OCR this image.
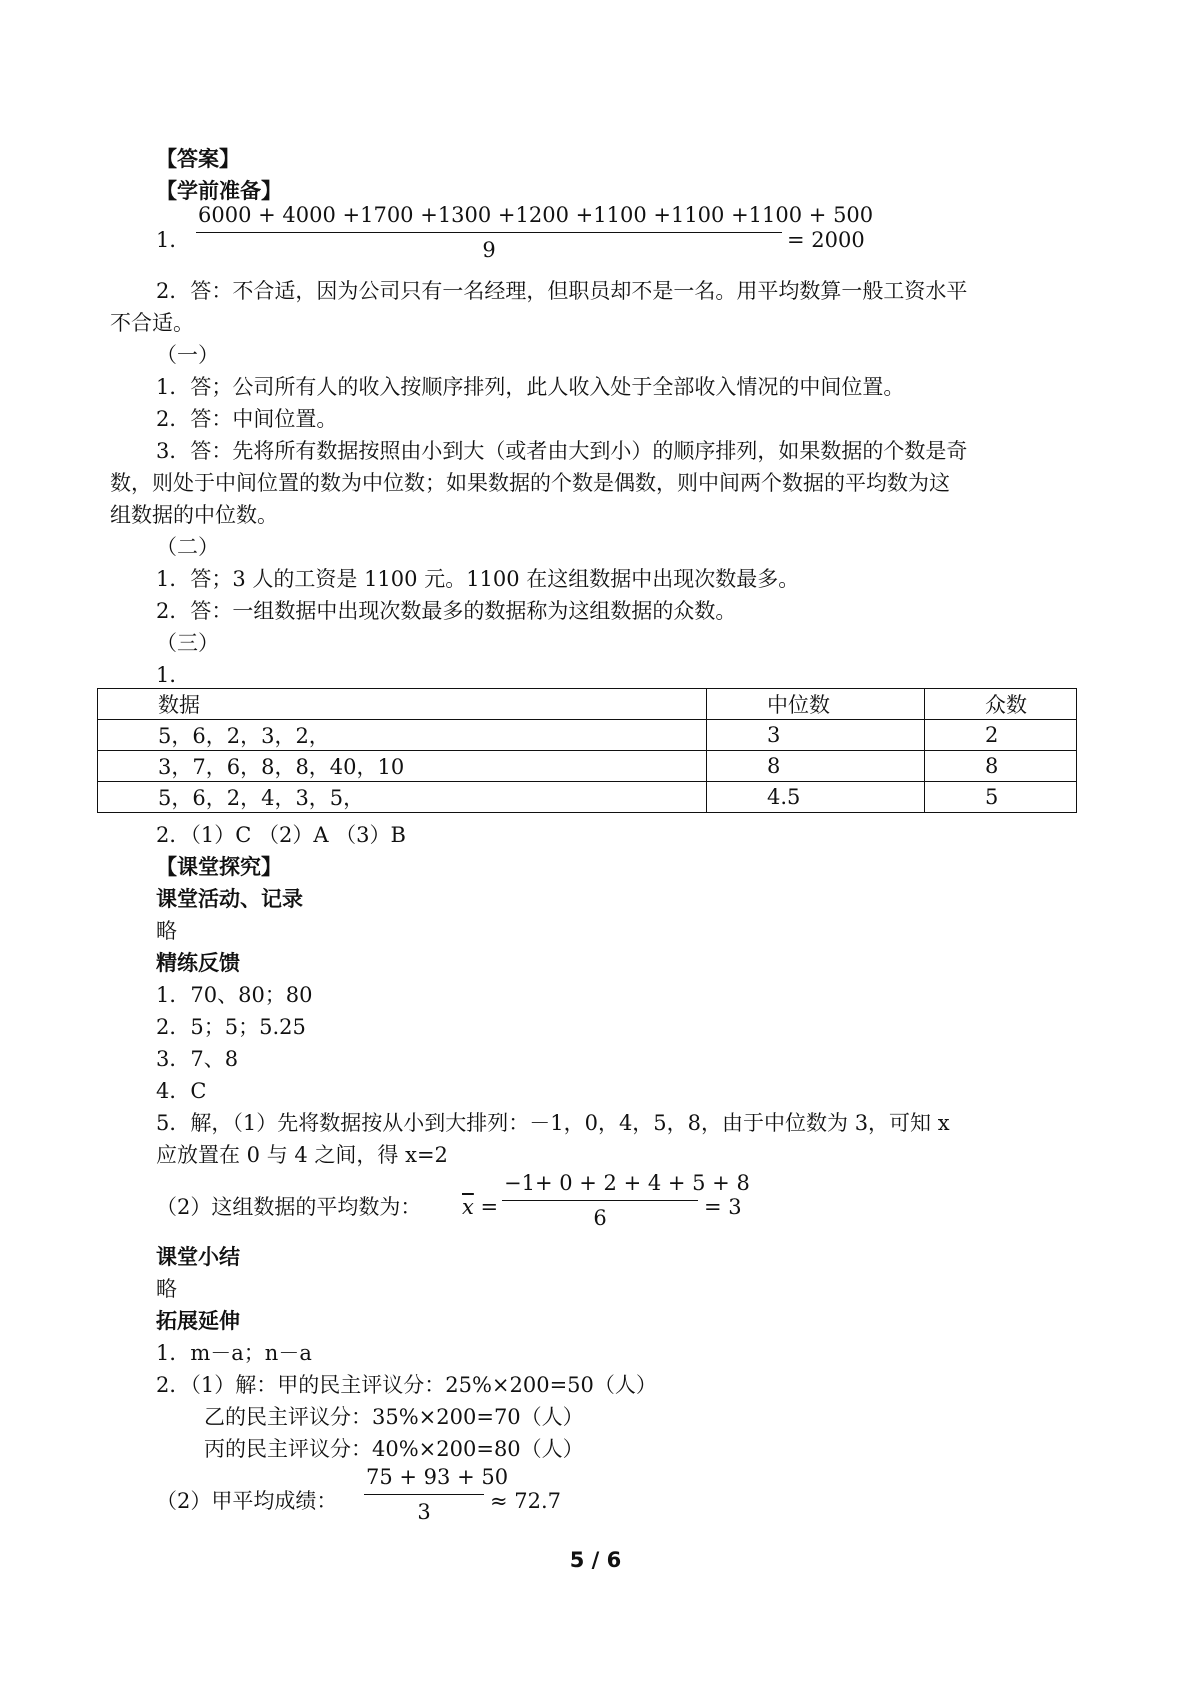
【答案】
【学前准备】
1．
6000 + 4000 +1700 +1300 +1200 +1100 +1100 +1100 + 500
9	= 2000
2．答：不合适，因为公司只有一名经理，但职员却不是一名。用平均数算一般工资水平
不合适。
（一）
1．答；公司所有人的收入按顺序排列，此人收入处于全部收入情况的中间位置。
2．答：中间位置。
3．答：先将所有数据按照由小到大（或者由大到小）的顺序排列，如果数据的个数是奇
数，则处于中间位置的数为中位数；如果数据的个数是偶数，则中间两个数据的平均数为这
组数据的中位数。
（二）
1．答；3 人的工资是 1100 元。1100 在这组数据中出现次数最多。
2．答：一组数据中出现次数最多的数据称为这组数据的众数。
（三）
1．
数据	中位数	众数
5，6，2，3，2，	3	2
3，7，6，8，8，40，10	8	8
5，6，2，4，3，5，	4.5	5
2．（1）C （2）A （3）B
【课堂探究】
课堂活动、记录
略
精练反馈
1．70、80；80
2．5；5；5.25
3．7、8
4．C
5．解，（1）先将数据按从小到大排列：－1，0，4，5，8，由于中位数为 3，可知 x
应放置在 0 与 4 之间，得 x=2
（2）这组数据的平均数为： $\overline{x}$ =
−1+ 0 + 2 + 4 + 5 + 8
6	= 3
课堂小结
略
拓展延伸
1．m－a；n－a
2．（1）解：甲的民主评议分：25%×200=50（人）
乙的民主评议分：35%×200=70（人）
丙的民主评议分：40%×200=80（人）
（2）甲平均成绩：
75 + 93 + 50
3	≈ 72.7
5 / 6
